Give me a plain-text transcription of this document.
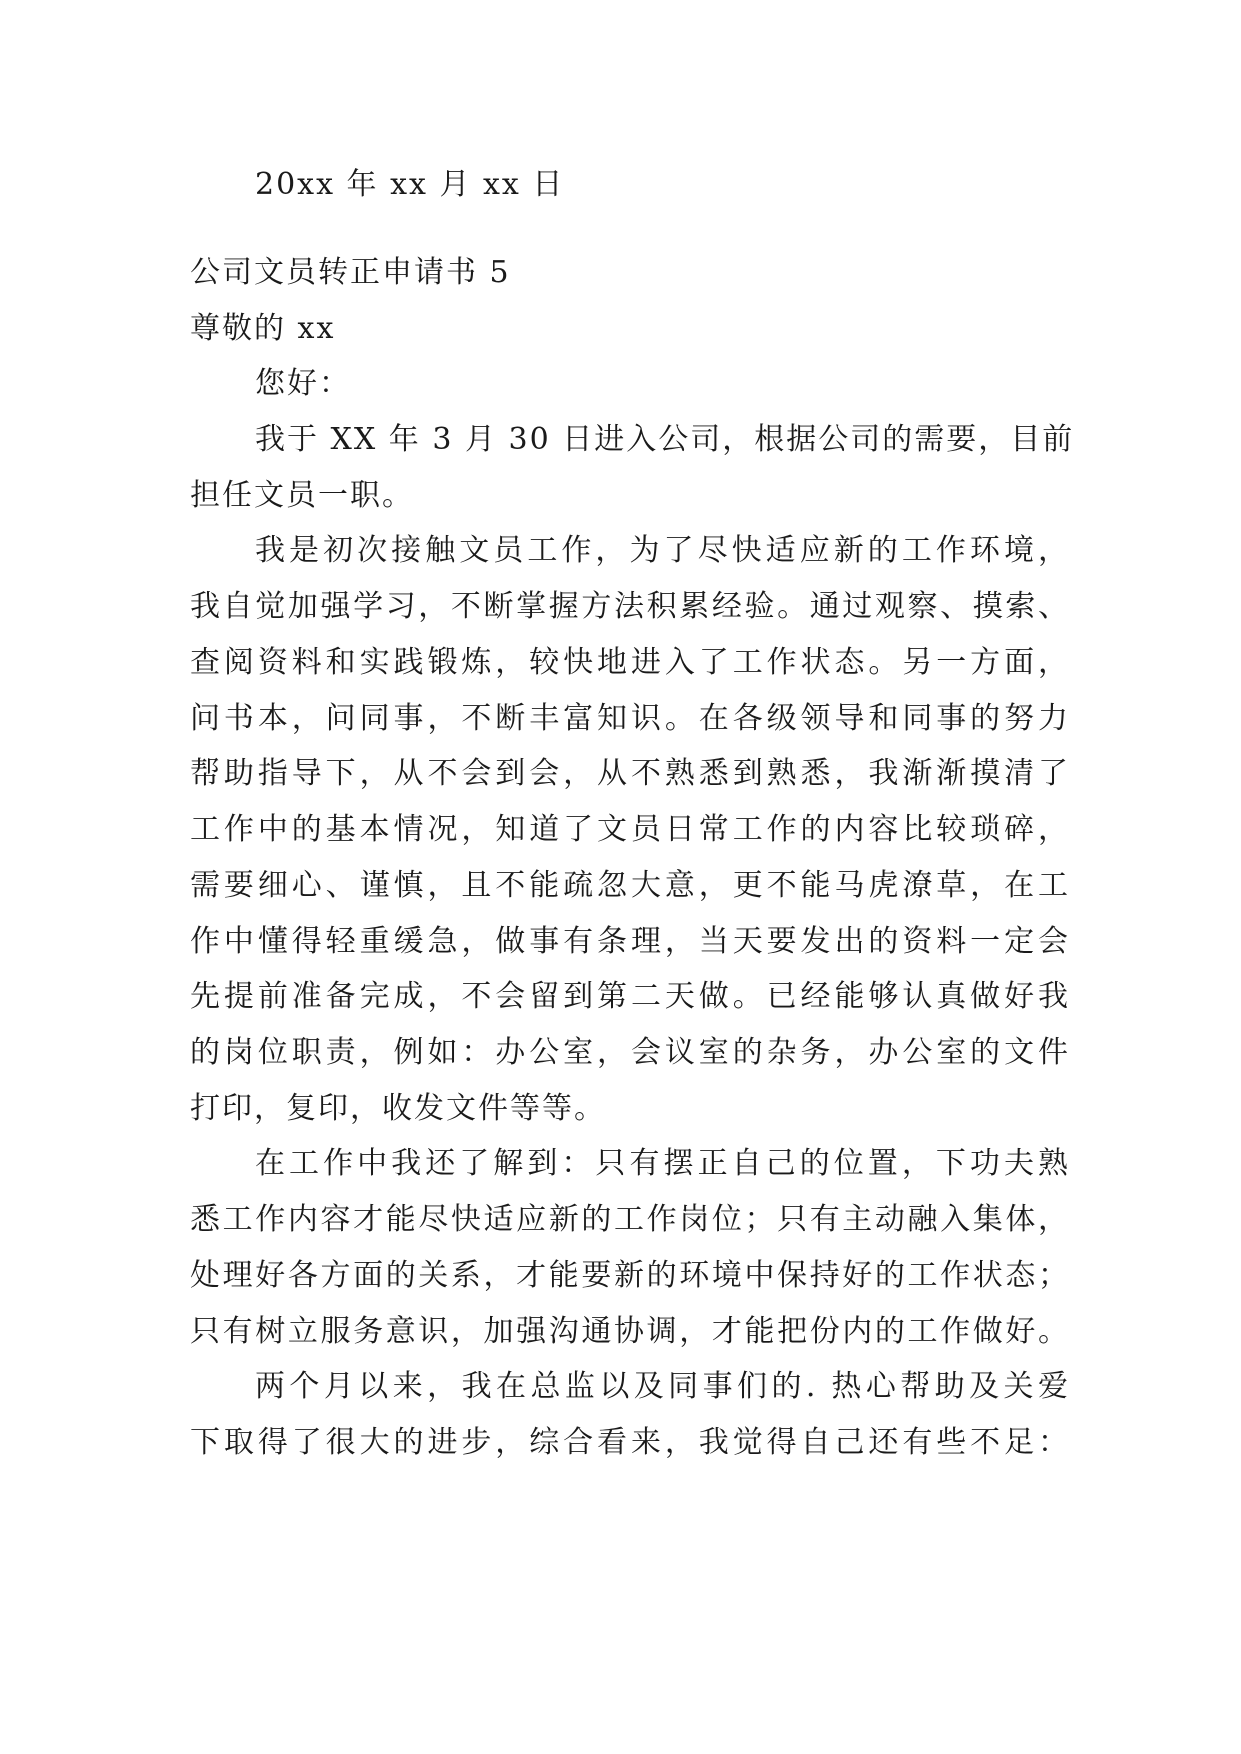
20xx 年 xx 月 xx 日
公司文员转正申请书 5
尊敬的 xx
您好：
我于 XX 年 3 月 30 日进入公司，根据公司的需要，目前
担任文员一职。
我是初次接触文员工作，为了尽快适应新的工作环境，
我自觉加强学习，不断掌握方法积累经验。通过观察、摸索、
查阅资料和实践锻炼，较快地进入了工作状态。另一方面，
问书本，问同事，不断丰富知识。在各级领导和同事的努力
帮助指导下，从不会到会，从不熟悉到熟悉，我渐渐摸清了
工作中的基本情况，知道了文员日常工作的内容比较琐碎，
需要细心、谨慎，且不能疏忽大意，更不能马虎潦草，在工
作中懂得轻重缓急，做事有条理，当天要发出的资料一定会
先提前准备完成，不会留到第二天做。已经能够认真做好我
的岗位职责，例如：办公室，会议室的杂务，办公室的文件
打印，复印，收发文件等等。
在工作中我还了解到：只有摆正自己的位置，下功夫熟
悉工作内容才能尽快适应新的工作岗位；只有主动融入集体，
处理好各方面的关系，才能要新的环境中保持好的工作状态；
只有树立服务意识，加强沟通协调，才能把份内的工作做好。
两个月以来，我在总监以及同事们的. 热心帮助及关爱
下取得了很大的进步，综合看来，我觉得自己还有些不足：
